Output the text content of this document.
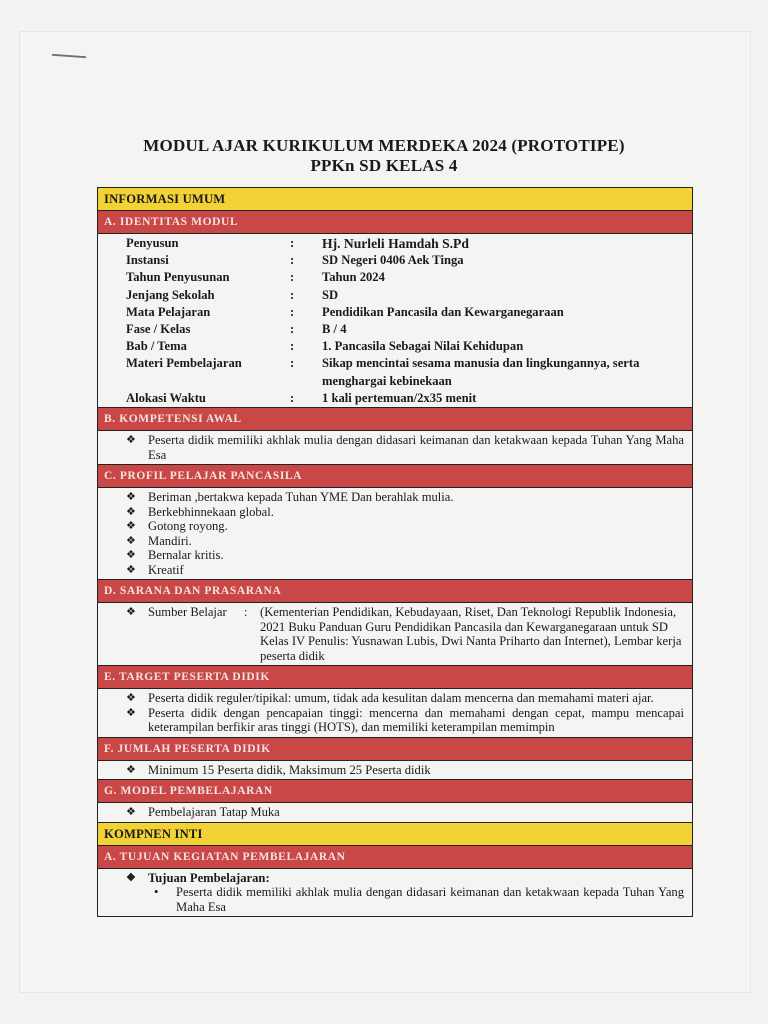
MODUL AJAR KURIKULUM MERDEKA 2024 (PROTOTIPE)
PPKn SD KELAS 4
INFORMASI UMUM
A. IDENTITAS MODUL
Penyusun	:	Hj. Nurleli Hamdah S.Pd
Instansi	:	SD Negeri 0406 Aek Tinga
Tahun Penyusunan	:	Tahun 2024
Jenjang Sekolah	:	SD
Mata Pelajaran	:	Pendidikan Pancasila dan Kewarganegaraan
Fase / Kelas	:	B / 4
Bab / Tema	:	1. Pancasila Sebagai Nilai Kehidupan
Materi Pembelajaran	:	Sikap mencintai sesama manusia dan lingkungannya, serta menghargai kebinekaan
Alokasi Waktu	:	1 kali pertemuan/2x35 menit
B. KOMPETENSI AWAL
❖ Peserta didik memiliki akhlak mulia dengan didasari keimanan dan ketakwaan kepada Tuhan Yang Maha Esa
C. PROFIL PELAJAR PANCASILA
❖ Beriman ,bertakwa kepada Tuhan YME Dan berahlak mulia.
❖ Berkebhinnekaan global.
❖ Gotong royong.
❖ Mandiri.
❖ Bernalar kritis.
❖ Kreatif
D. SARANA DAN PRASARANA
❖ Sumber Belajar	: (Kementerian Pendidikan, Kebudayaan, Riset, Dan Teknologi Republik Indonesia, 2021 Buku Panduan Guru Pendidikan Pancasila dan Kewarganegaraan untuk SD Kelas IV Penulis: Yusnawan Lubis, Dwi Nanta Priharto dan Internet), Lembar kerja peserta didik
E. TARGET PESERTA DIDIK
❖ Peserta didik reguler/tipikal: umum, tidak ada kesulitan dalam mencerna dan memahami materi ajar.
❖ Peserta didik dengan pencapaian tinggi: mencerna dan memahami dengan cepat, mampu mencapai keterampilan berfikir aras tinggi (HOTS), dan memiliki keterampilan memimpin
F. JUMLAH PESERTA DIDIK
❖ Minimum 15 Peserta didik, Maksimum 25 Peserta didik
G. MODEL PEMBELAJARAN
❖ Pembelajaran Tatap Muka
KOMPNEN INTI
A. TUJUAN KEGIATAN PEMBELAJARAN
❖ Tujuan Pembelajaran:
• Peserta didik memiliki akhlak mulia dengan didasari keimanan dan ketakwaan kepada Tuhan Yang Maha Esa
